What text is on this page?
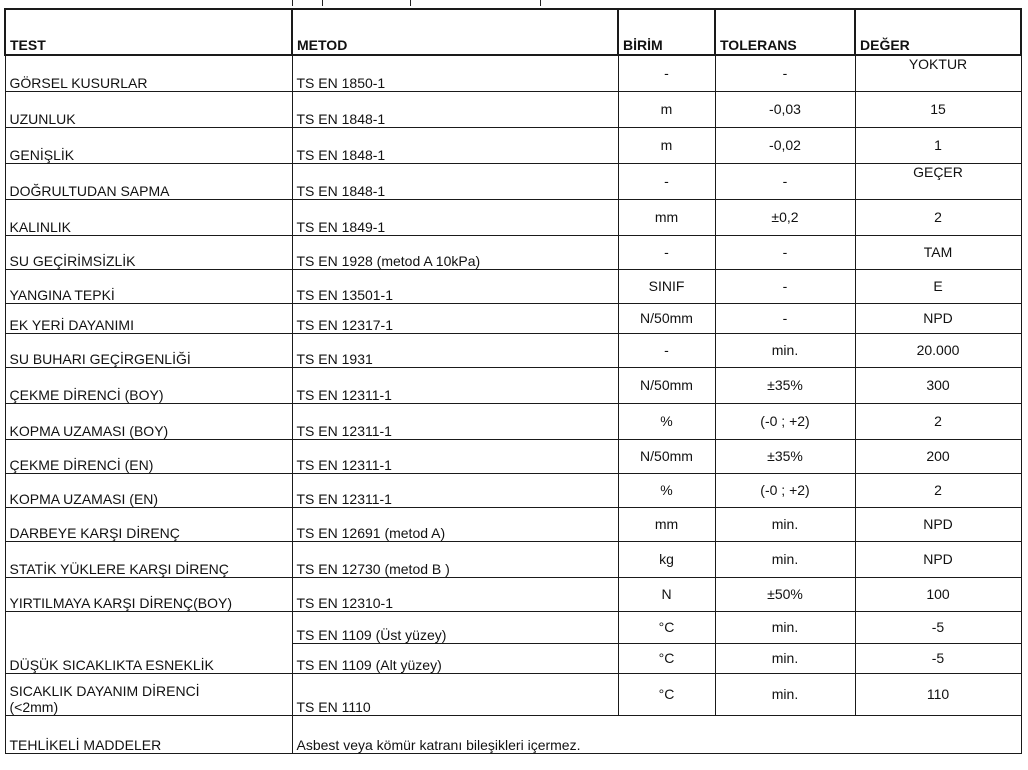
TEST	METOD	BİRİM	TOLERANS	DEĞER
GÖRSEL KUSURLAR	TS EN 1850-1	-	-	YOKTUR
UZUNLUK	TS EN 1848-1	m	-0,03	15
GENİŞLİK	TS EN 1848-1	m	-0,02	1
DOĞRULTUDAN SAPMA	TS EN 1848-1	-	-	GEÇER
KALINLIK	TS EN 1849-1	mm	±0,2	2
SU GEÇİRİMSİZLİK	TS EN 1928 (metod A 10kPa)	-	-	TAM
YANGINA TEPKİ	TS EN 13501-1	SINIF	-	E
EK YERİ DAYANIMI	TS EN 12317-1	N/50mm	-	NPD
SU BUHARI GEÇİRGENLİĞİ	TS EN 1931	-	min.	20.000
ÇEKME DİRENCİ (BOY)	TS EN 12311-1	N/50mm	±35%	300
KOPMA UZAMASI (BOY)	TS EN 12311-1	%	(-0 ; +2)	2
ÇEKME DİRENCİ (EN)	TS EN 12311-1	N/50mm	±35%	200
KOPMA UZAMASI (EN)	TS EN 12311-1	%	(-0 ; +2)	2
DARBEYE KARŞI DİRENÇ	TS EN 12691 (metod A)	mm	min.	NPD
STATİK YÜKLERE KARŞI DİRENÇ	TS EN 12730 (metod B )	kg	min.	NPD
YIRTILMAYA KARŞI DİRENÇ(BOY)	TS EN 12310-1	N	±50%	100
DÜŞÜK SICAKLIKTA ESNEKLİK	TS EN 1109 (Üst yüzey)	°C	min.	-5
	TS EN 1109 (Alt yüzey)	°C	min.	-5

SICAKLIK DAYANIM DİRENCİ
(<2mm)	TS EN 1110	°C	min.	110
TEHLİKELİ MADDELER	Asbest veya kömür katranı bileşikleri içermez.			
